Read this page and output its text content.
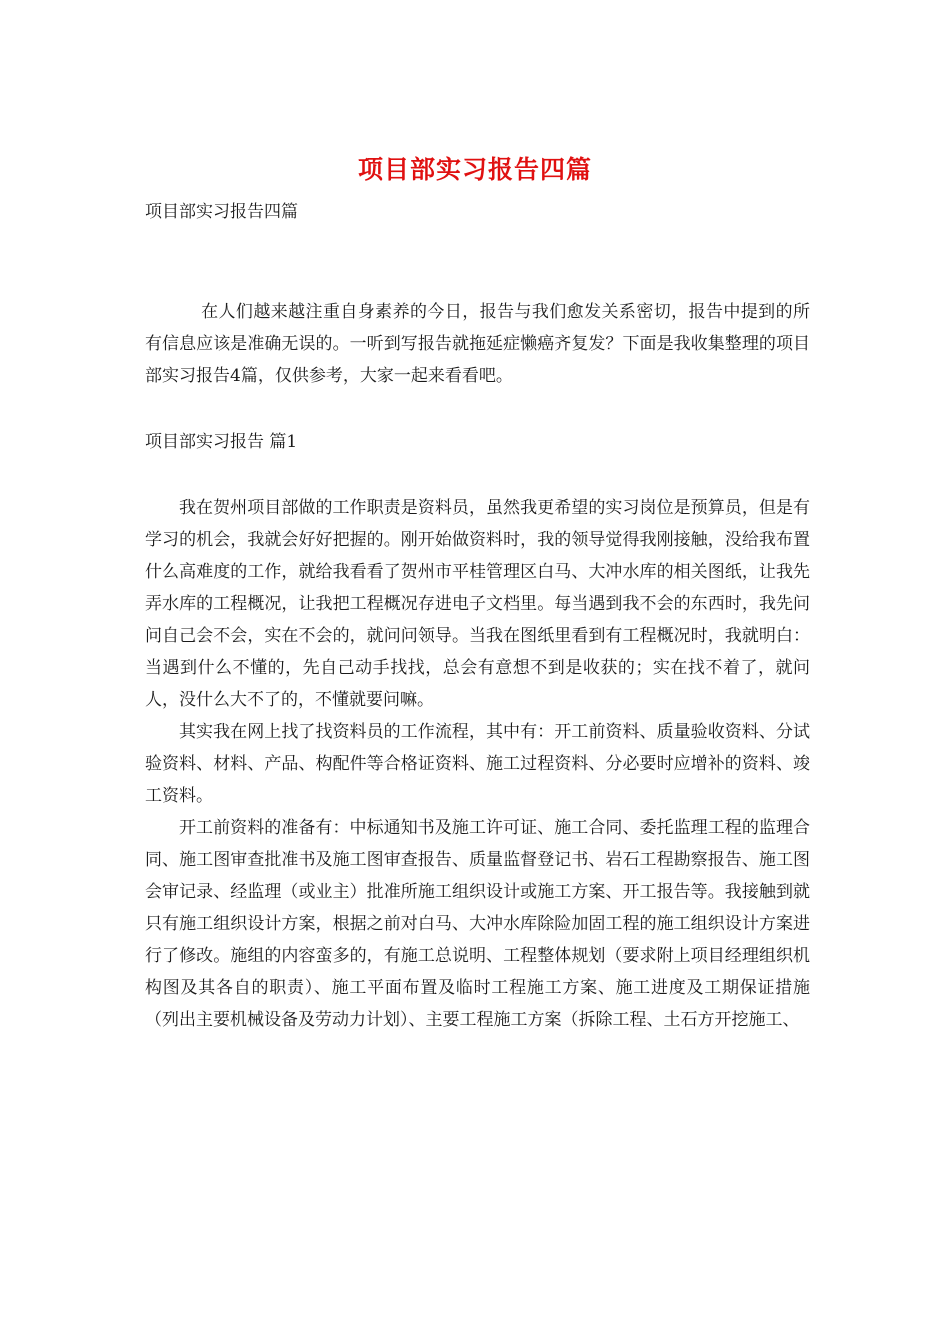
项目部实习报告四篇
项目部实习报告四篇

在人们越来越注重自身素养的今日，报告与我们愈发关系密切，报告中提到的所有信息应该是准确无误的。一听到写报告就拖延症懒癌齐复发？下面是我收集整理的项目部实习报告4篇，仅供参考，大家一起来看看吧。

项目部实习报告 篇1

我在贺州项目部做的工作职责是资料员，虽然我更希望的实习岗位是预算员，但是有学习的机会，我就会好好把握的。刚开始做资料时，我的领导觉得我刚接触，没给我布置什么高难度的工作，就给我看看了贺州市平桂管理区白马、大冲水库的相关图纸，让我先弄水库的工程概况，让我把工程概况存进电子文档里。每当遇到我不会的东西时，我先问问自己会不会，实在不会的，就问问领导。当我在图纸里看到有工程概况时，我就明白：当遇到什么不懂的，先自己动手找找，总会有意想不到是收获的；实在找不着了，就问人，没什么大不了的，不懂就要问嘛。

其实我在网上找了找资料员的工作流程，其中有：开工前资料、质量验收资料、分试验资料、材料、产品、构配件等合格证资料、施工过程资料、分必要时应增补的资料、竣工资料。

开工前资料的准备有：中标通知书及施工许可证、施工合同、委托监理工程的监理合同、施工图审查批准书及施工图审查报告、质量监督登记书、岩石工程勘察报告、施工图会审记录、经监理（或业主）批准所施工组织设计或施工方案、开工报告等。我接触到就只有施工组织设计方案，根据之前对白马、大冲水库除险加固工程的施工组织设计方案进行了修改。施组的内容蛮多的，有施工总说明、工程整体规划（要求附上项目经理组织机构图及其各自的职责）、施工平面布置及临时工程施工方案、施工进度及工期保证措施（列出主要机械设备及劳动力计划）、主要工程施工方案（拆除工程、土石方开挖施工、
